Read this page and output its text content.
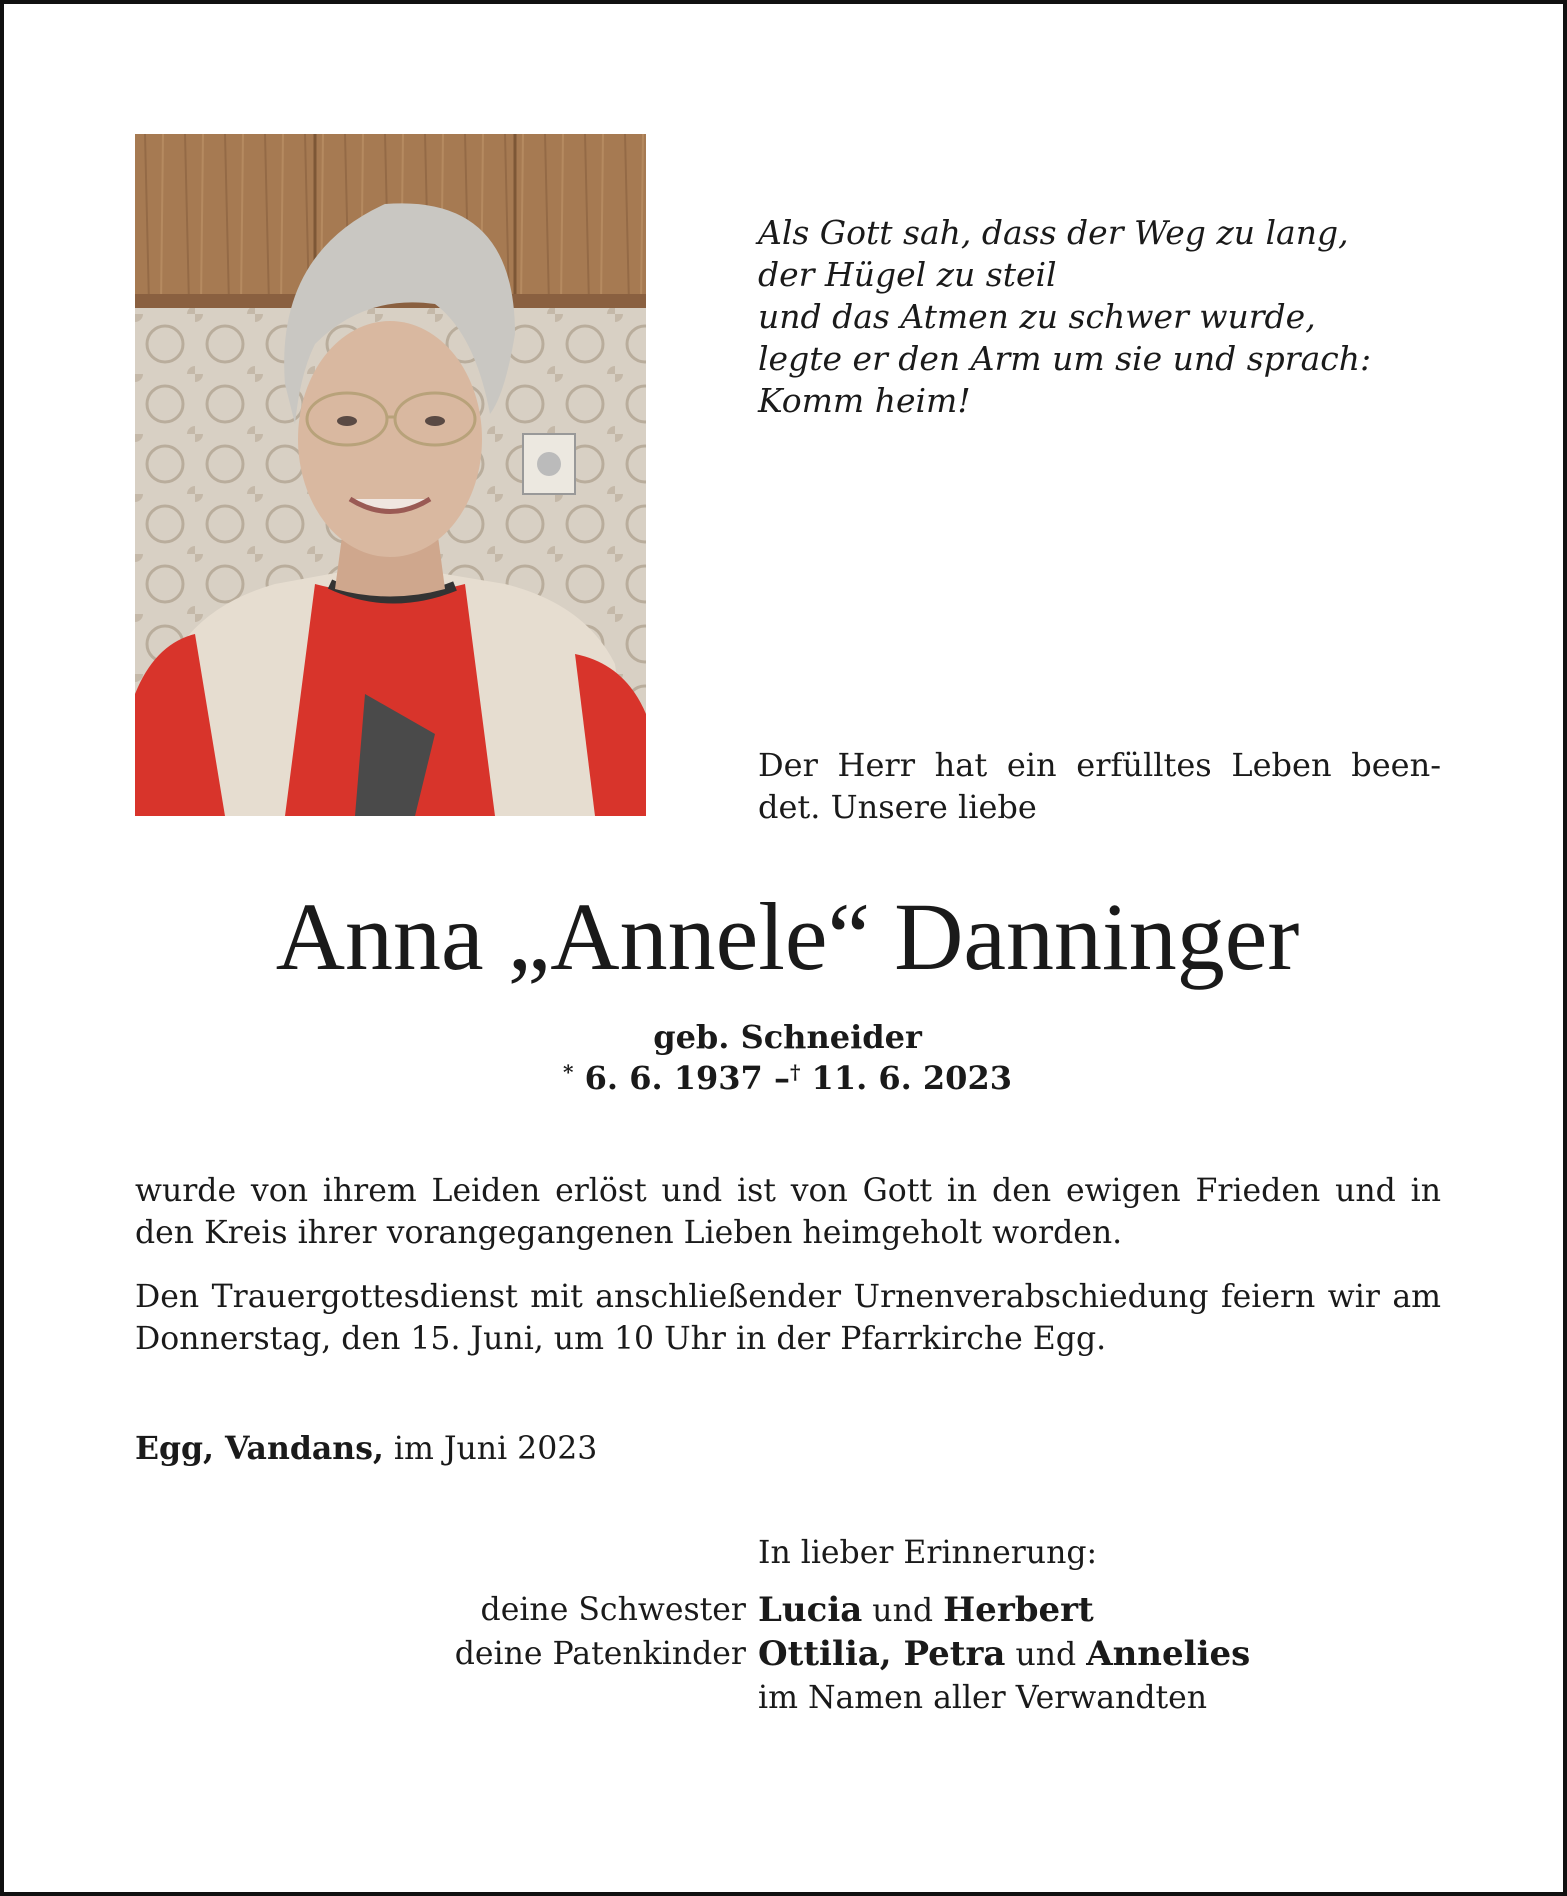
Als Gott sah, dass der Weg zu lang,
der Hügel zu steil
und das Atmen zu schwer wurde,
legte er den Arm um sie und sprach:
Komm heim!
Der Herr hat ein erfülltes Leben been- det. Unsere liebe
Anna „Annele“ Danninger
geb. Schneider
* 6. 6. 1937 –† 11. 6. 2023
wurde von ihrem Leiden erlöst und ist von Gott in den ewigen Frieden und in den Kreis ihrer vorangegangenen Lieben heimgeholt worden.
Den Trauergottesdienst mit anschließender Urnenverabschiedung feiern wir am Donnerstag, den 15. Juni, um 10 Uhr in der Pfarrkirche Egg.
Egg, Vandans, im Juni 2023
In lieber Erinnerung:
deine Schwester Lucia und Herbert
deine Patenkinder Ottilia, Petra und Annelies
im Namen aller Verwandten
